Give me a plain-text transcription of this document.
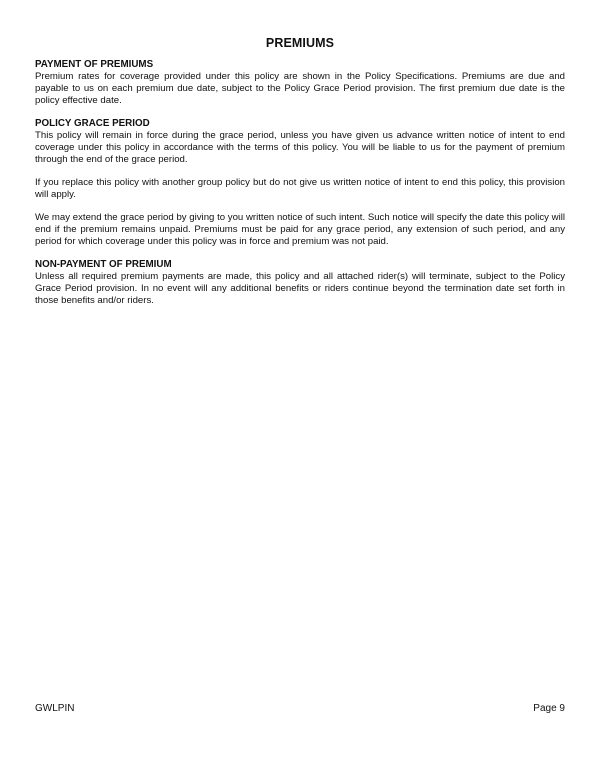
PREMIUMS

PAYMENT OF PREMIUMS

Premium rates for coverage provided under this policy are shown in the Policy Specifications. Premiums are due and payable to us on each premium due date, subject to the Policy Grace Period provision. The first premium due date is the policy effective date.

POLICY GRACE PERIOD

This policy will remain in force during the grace period, unless you have given us advance written notice of intent to end coverage under this policy in accordance with the terms of this policy. You will be liable to us for the payment of premium through the end of the grace period.

If you replace this policy with another group policy but do not give us written notice of intent to end this policy, this provision will apply.

We may extend the grace period by giving to you written notice of such intent. Such notice will specify the date this policy will end if the premium remains unpaid. Premiums must be paid for any grace period, any extension of such period, and any period for which coverage under this policy was in force and premium was not paid.

NON-PAYMENT OF PREMIUM

Unless all required premium payments are made, this policy and all attached rider(s) will terminate, subject to the Policy Grace Period provision. In no event will any additional benefits or riders continue beyond the termination date set forth in those benefits and/or riders.

GWLPIN	Page 9
